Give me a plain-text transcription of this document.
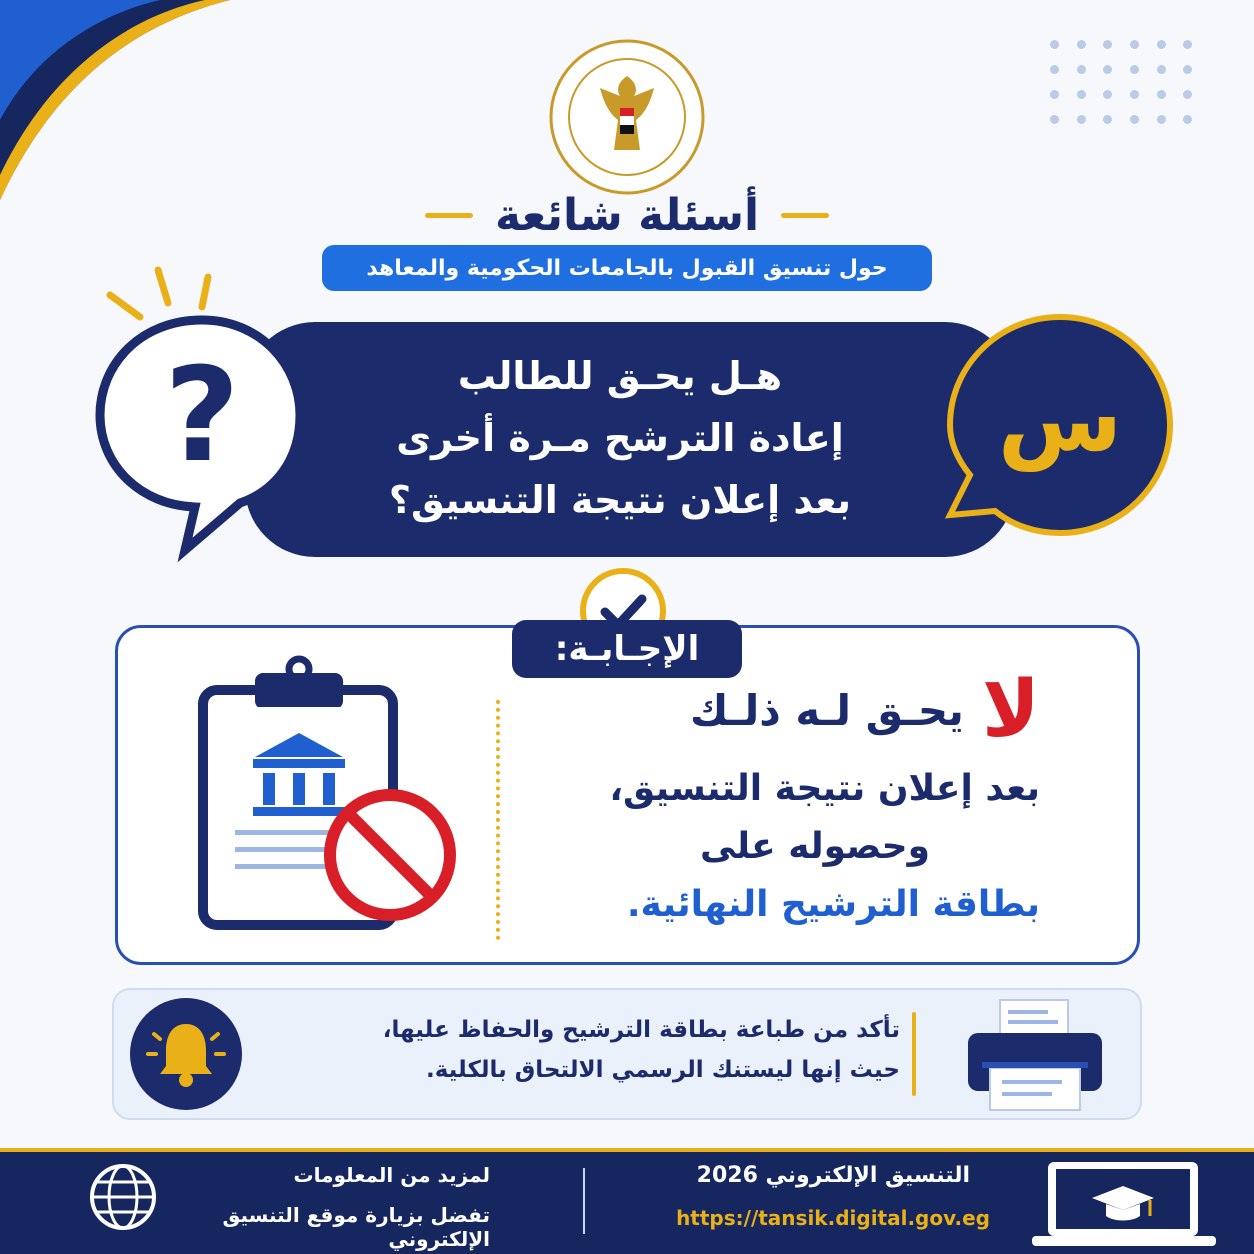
أسئلة شائعة
حول تنسيق القبول بالجامعات الحكومية والمعاهد
?	هـل يحـق للطالب
إعادة الترشح مـرة أخرى
بعد إعلان نتيجة التنسيق؟
س
الإجـابـة:
لا
يحـق لـه ذلـك
بعد إعلان نتيجة التنسيق،
وحصوله على
بطاقة الترشيح النهائية.
تأكد من طباعة بطاقة الترشيح والحفاظ عليها،
حيث إنها ليستنك الرسمي الالتحاق بالكلية.
التنسيق الإلكتروني 2026
https://tansik.digital.gov.eg
لمزيد من المعلومات
تفضل بزيارة موقع التنسيق الإلكتروني
